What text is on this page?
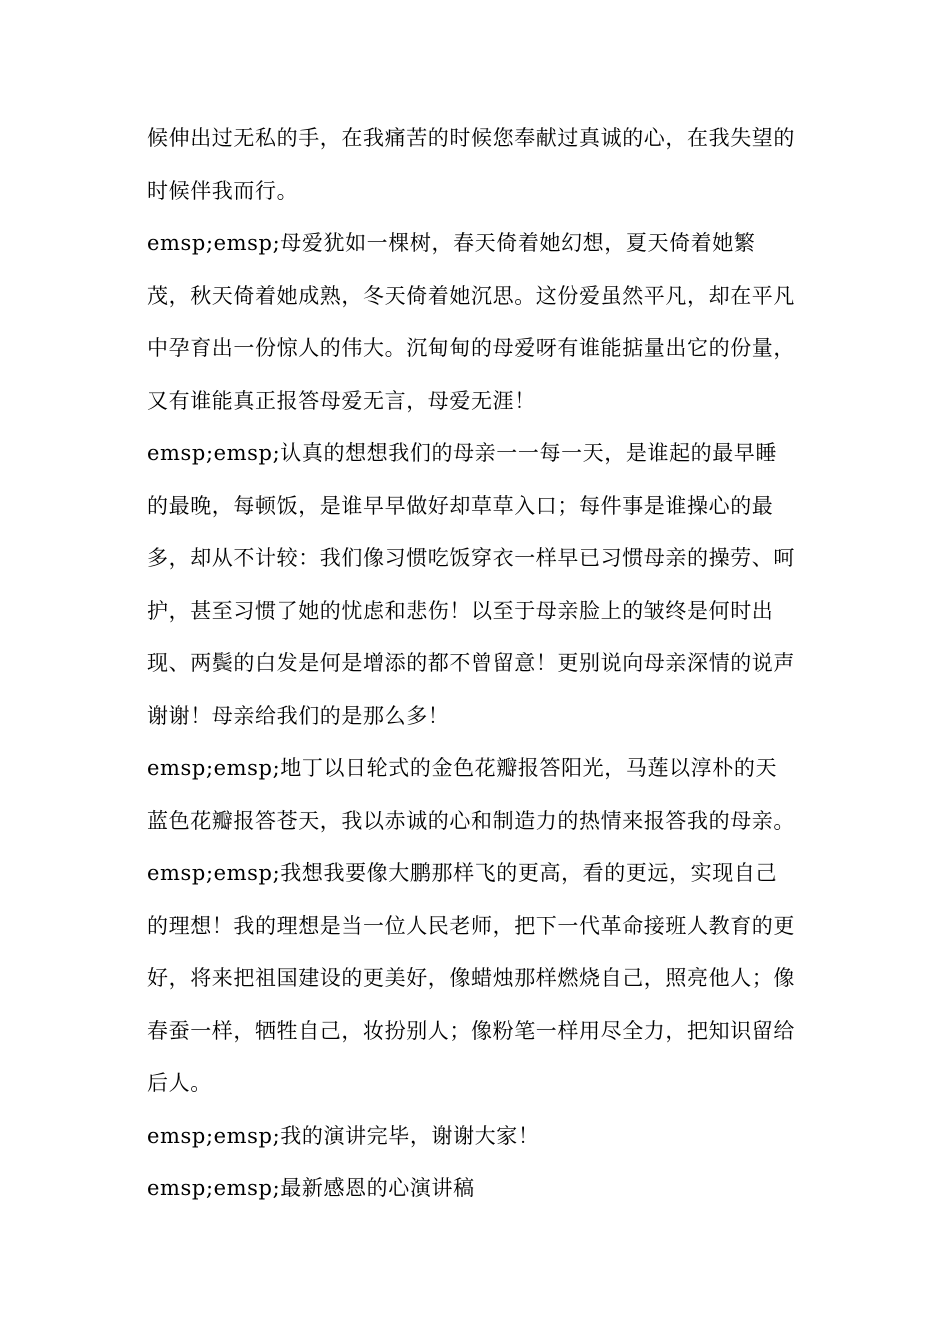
候伸出过无私的手，在我痛苦的时候您奉献过真诚的心，在我失望的时候伴我而行。

emsp;emsp;母爱犹如一棵树，春天倚着她幻想，夏天倚着她繁茂，秋天倚着她成熟，冬天倚着她沉思。这份爱虽然平凡，却在平凡中孕育出一份惊人的伟大。沉甸甸的母爱呀有谁能掂量出它的份量，又有谁能真正报答母爱无言，母爱无涯！

emsp;emsp;认真的想想我们的母亲一一每一天，是谁起的最早睡的最晚，每顿饭，是谁早早做好却草草入口；每件事是谁操心的最多，却从不计较：我们像习惯吃饭穿衣一样早已习惯母亲的操劳、呵护，甚至习惯了她的忧虑和悲伤！以至于母亲脸上的皱终是何时出现、两鬓的白发是何是增添的都不曾留意！更别说向母亲深情的说声谢谢！母亲给我们的是那么多！

emsp;emsp;地丁以日轮式的金色花瓣报答阳光，马莲以淳朴的天蓝色花瓣报答苍天，我以赤诚的心和制造力的热情来报答我的母亲。

emsp;emsp;我想我要像大鹏那样飞的更高，看的更远，实现自己的理想！我的理想是当一位人民老师，把下一代革命接班人教育的更好，将来把祖国建设的更美好，像蜡烛那样燃烧自己，照亮他人；像春蚕一样，牺牲自己，妆扮别人；像粉笔一样用尽全力，把知识留给后人。

emsp;emsp;我的演讲完毕，谢谢大家！

emsp;emsp;最新感恩的心演讲稿
